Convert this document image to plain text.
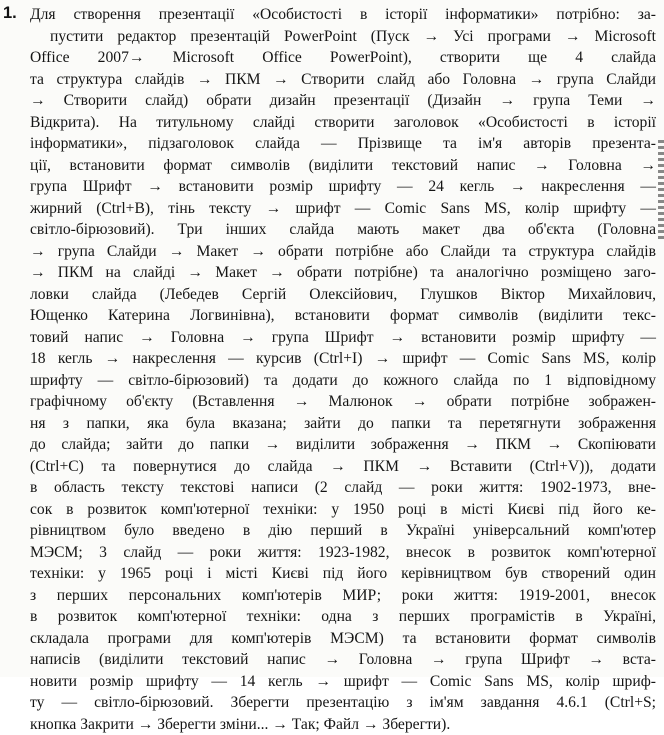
1. Для створення презентації «Особистості в історії інформатики» потрібно: за-
пустити редактор презентацій PowerPoint (Пуск → Усі програми → Microsoft
Office 2007→ Microsoft Office PowerPoint), створити ще 4 слайда
та структура слайдів → ПКМ → Створити слайд або Головна → група Слайди
→ Створити слайд) обрати дизайн презентації (Дизайн → група Теми →
Відкрита). На титульному слайді створити заголовок «Особистості в історії
інформатики», підзаголовок слайда — Прізвище та ім'я авторів презента-
ції, встановити формат символів (виділити текстовий напис → Головна →
група Шрифт → встановити розмір шрифту — 24 кегль → накреслення —
жирний (Ctrl+B), тінь тексту → шрифт — Comic Sans MS, колір шрифту —
світло-бірюзовий). Три інших слайда мають макет два об'єкта (Головна
→ група Слайди → Макет → обрати потрібне або Слайди та структура слайдів
→ ПКМ на слайді → Макет → обрати потрібне) та аналогічно розміщено заго-
ловки слайда (Лебедев Сергій Олексійович, Глушков Віктор Михайлович,
Ющенко Катерина Логвинівна), встановити формат символів (виділити текс-
товий напис → Головна → група Шрифт → встановити розмір шрифту —
18 кегль → накреслення — курсив (Ctrl+I) → шрифт — Comic Sans MS, колір
шрифту — світло-бірюзовий) та додати до кожного слайда по 1 відповідному
графічному об'єкту (Вставлення → Малюнок → обрати потрібне зображен-
ня з папки, яка була вказана; зайти до папки та перетягнути зображення
до слайда; зайти до папки → виділити зображення → ПКМ → Скопіювати
(Ctrl+C) та повернутися до слайда → ПКМ → Вставити (Ctrl+V)), додати
в область тексту текстові написи (2 слайд — роки життя: 1902-1973, вне-
сок в розвиток комп'ютерної техніки: у 1950 році в місті Києві під його ке-
рівництвом було введено в дію перший в Україні універсальний комп'ютер
МЭСМ; 3 слайд — роки життя: 1923-1982, внесок в розвиток комп'ютерної
техніки: у 1965 році і місті Києві під його керівництвом був створений один
з перших персональних комп'ютерів МИР; роки життя: 1919-2001, внесок
в розвиток комп'ютерної техніки: одна з перших програмістів в Україні,
складала програми для комп'ютерів МЭСМ) та встановити формат символів
написів (виділити текстовий напис → Головна → група Шрифт → вста-
новити розмір шрифту — 14 кегль → шрифт — Comic Sans MS, колір шриф-
ту — світло-бірюзовий. Зберегти презентацію з ім'ям завдання 4.6.1 (Ctrl+S;
кнопка Закрити → Зберегти зміни... → Так; Файл → Зберегти).
